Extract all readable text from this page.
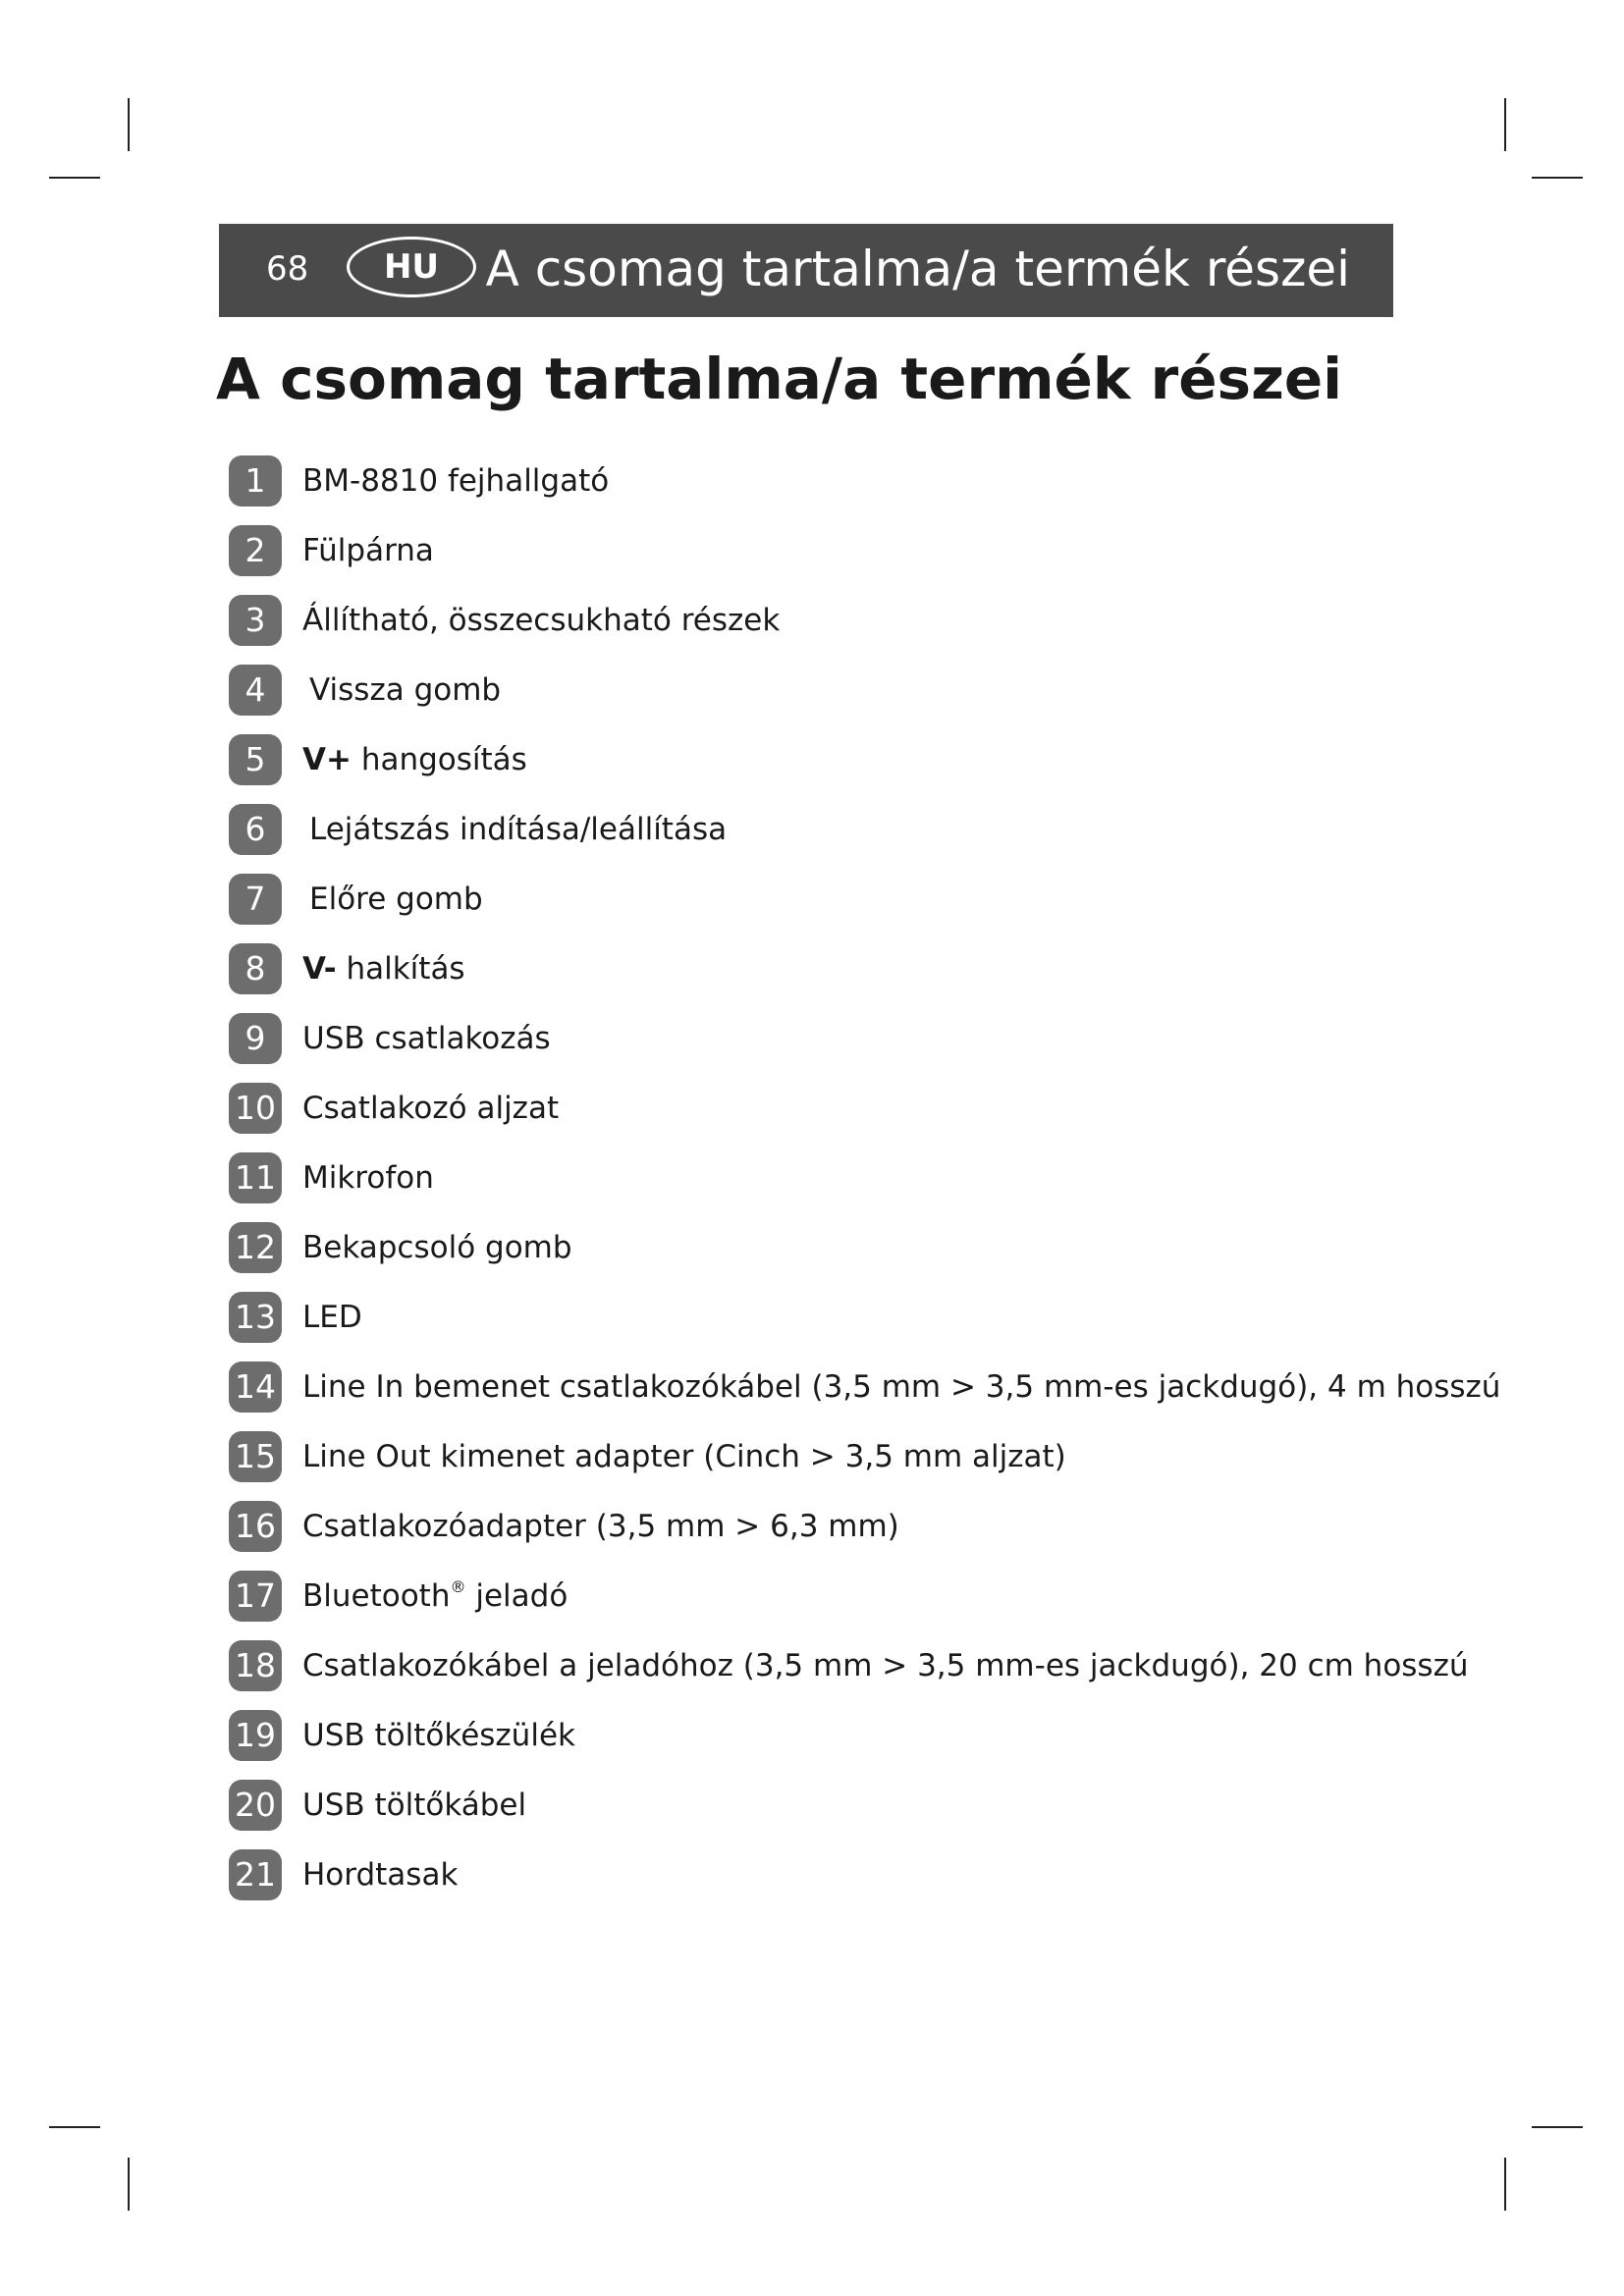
68	HU A csomag tartalma/a termék részei
A csomag tartalma/a termék részei
1	BM-8810 fejhallgató
2	Fülpárna
3	Állítható, összecsukható részek
4	Vissza gomb
5	V+ hangosítás
6	Lejátszás indítása/leállítása
7	Előre gomb
8	V- halkítás
9	USB csatlakozás
10 Csatlakozó aljzat
11 Mikrofon
12 Bekapcsoló gomb
13 LED
14 Line In bemenet csatlakozókábel (3,5 mm > 3,5 mm-es jackdugó), 4 m hosszú
15 Line Out kimenet adapter (Cinch > 3,5 mm aljzat)
16 Csatlakozóadapter (3,5 mm > 6,3 mm)
17 Bluetooth® jeladó
18 Csatlakozókábel a jeladóhoz (3,5 mm > 3,5 mm-es jackdugó), 20 cm hosszú
19 USB töltőkészülék
20 USB töltőkábel
21 Hordtasak
